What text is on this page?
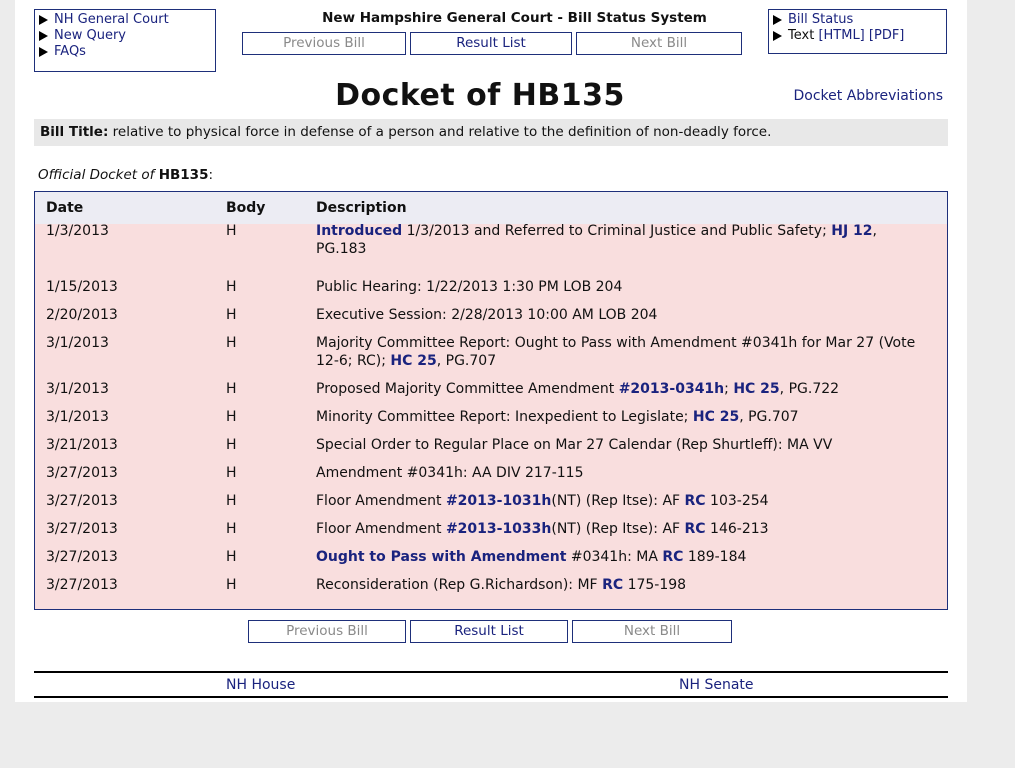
NH General Court
New Query
FAQs
New Hampshire General Court - Bill Status System
Previous Bill	Result List	Next Bill
Bill Status
Text
[HTML]
[PDF]
Docket of HB135	Docket Abbreviations
Bill Title: relative to physical force in defense of a person and relative to the definition of non-deadly force.
Official Docket of HB135:
Date	Body	Description
1/3/2013	H	Introduced 1/3/2013 and Referred to Criminal Justice and Public Safety; HJ 12, PG.183
1/15/2013	H	Public Hearing: 1/22/2013 1:30 PM LOB 204
2/20/2013	H	Executive Session: 2/28/2013 10:00 AM LOB 204
3/1/2013	H	Majority Committee Report: Ought to Pass with Amendment #0341h for Mar 27 (Vote 12-6; RC); HC 25, PG.707
3/1/2013	H	Proposed Majority Committee Amendment #2013-0341h; HC 25, PG.722
3/1/2013	H	Minority Committee Report: Inexpedient to Legislate; HC 25, PG.707
3/21/2013	H	Special Order to Regular Place on Mar 27 Calendar (Rep Shurtleff): MA VV
3/27/2013	H	Amendment #0341h: AA DIV 217-115
3/27/2013	H	Floor Amendment #2013-1031h(NT) (Rep Itse): AF RC 103-254
3/27/2013	H	Floor Amendment #2013-1033h(NT) (Rep Itse): AF RC 146-213
3/27/2013	H	Ought to Pass with Amendment #0341h: MA RC 189-184
3/27/2013	H	Reconsideration (Rep G.Richardson): MF RC 175-198
Previous Bill	Result List	Next Bill
NH House	NH Senate
